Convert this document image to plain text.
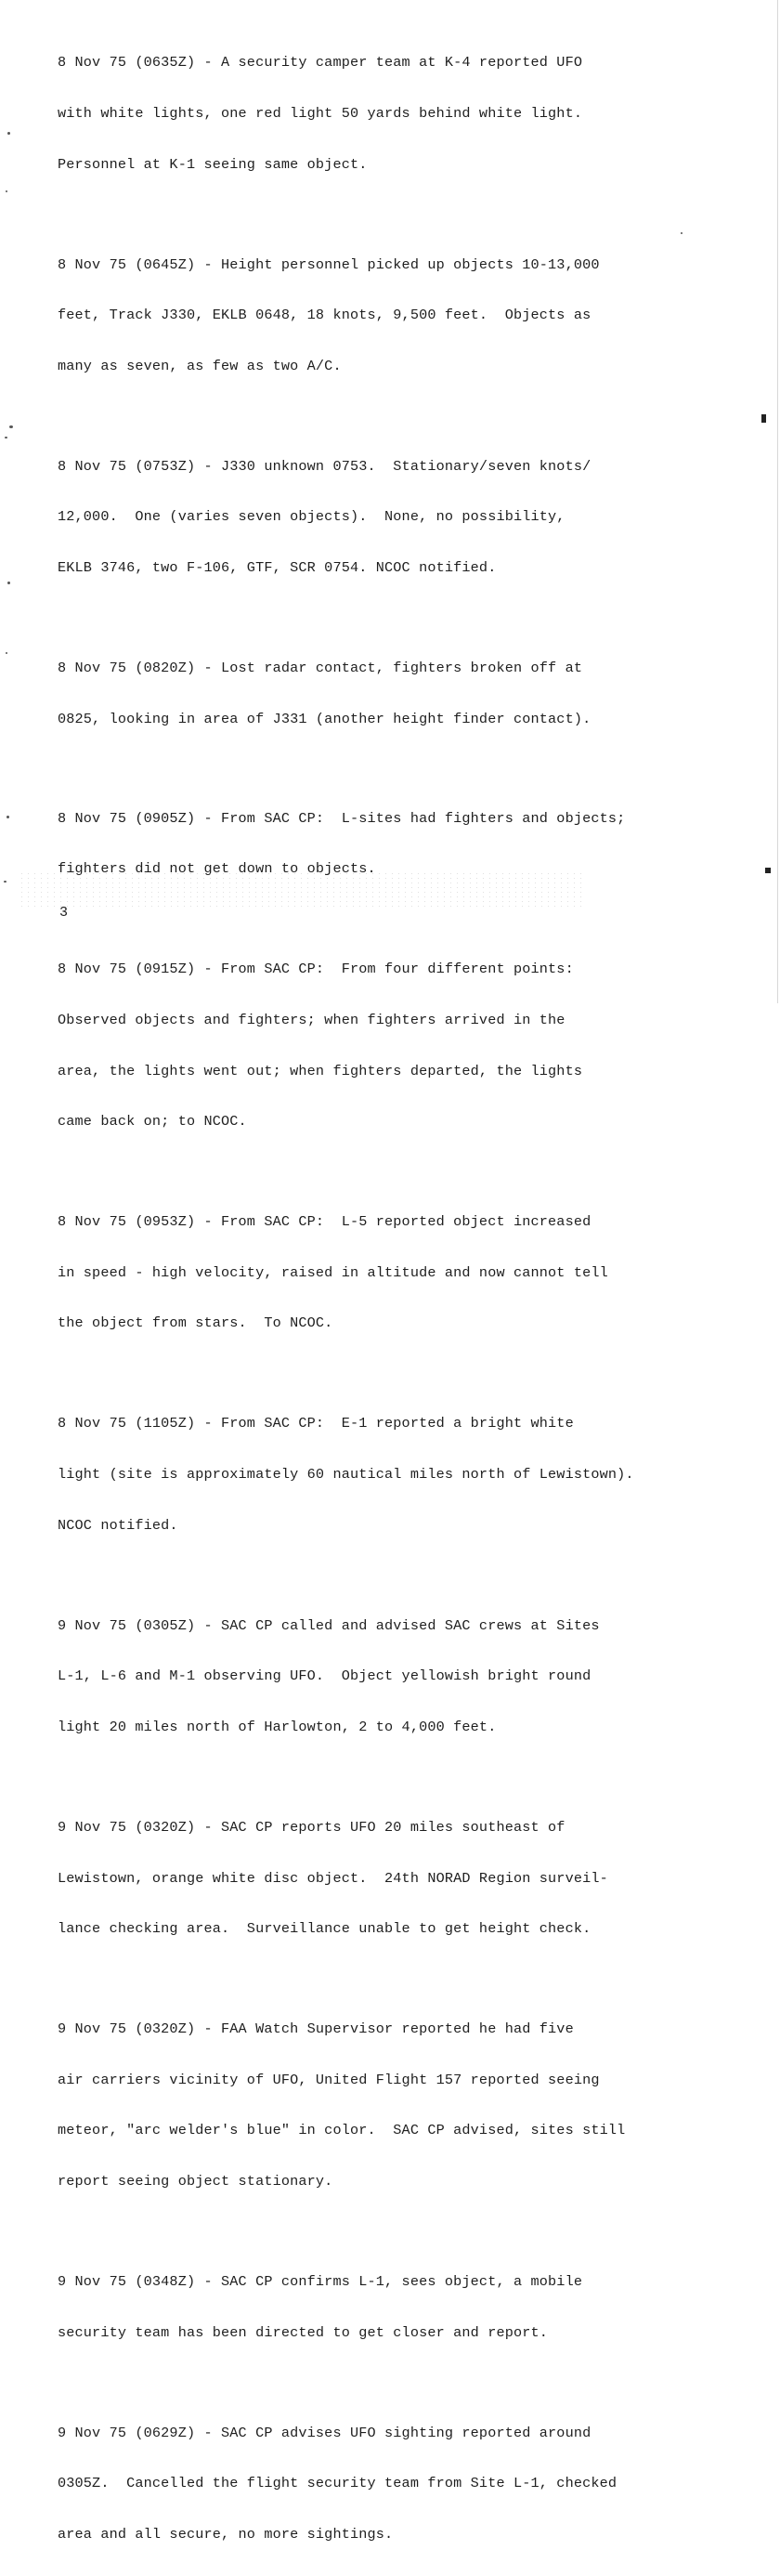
8 Nov 75 (0635Z) - A security camper team at K-4 reported UFO

with white lights, one red light 50 yards behind white light.

Personnel at K-1 seeing same object.

8 Nov 75 (0645Z) - Height personnel picked up objects 10-13,000

feet, Track J330, EKLB 0648, 18 knots, 9,500 feet.  Objects as

many as seven, as few as two A/C.

8 Nov 75 (0753Z) - J330 unknown 0753.  Stationary/seven knots/

12,000.  One (varies seven objects).  None, no possibility,

EKLB 3746, two F-106, GTF, SCR 0754. NCOC notified.

8 Nov 75 (0820Z) - Lost radar contact, fighters broken off at

0825, looking in area of J331 (another height finder contact).

8 Nov 75 (0905Z) - From SAC CP:  L-sites had fighters and objects;

fighters did not get down to objects.

8 Nov 75 (0915Z) - From SAC CP:  From four different points:

Observed objects and fighters; when fighters arrived in the

area, the lights went out; when fighters departed, the lights

came back on; to NCOC.

8 Nov 75 (0953Z) - From SAC CP:  L-5 reported object increased

in speed - high velocity, raised in altitude and now cannot tell

the object from stars.  To NCOC.

8 Nov 75 (1105Z) - From SAC CP:  E-1 reported a bright white

light (site is approximately 60 nautical miles north of Lewistown).

NCOC notified.

9 Nov 75 (0305Z) - SAC CP called and advised SAC crews at Sites

L-1, L-6 and M-1 observing UFO.  Object yellowish bright round

light 20 miles north of Harlowton, 2 to 4,000 feet.

9 Nov 75 (0320Z) - SAC CP reports UFO 20 miles southeast of

Lewistown, orange white disc object.  24th NORAD Region surveil-

lance checking area.  Surveillance unable to get height check.

9 Nov 75 (0320Z) - FAA Watch Supervisor reported he had five

air carriers vicinity of UFO, United Flight 157 reported seeing

meteor, "arc welder's blue" in color.  SAC CP advised, sites still

report seeing object stationary.

9 Nov 75 (0348Z) - SAC CP confirms L-1, sees object, a mobile

security team has been directed to get closer and report.

9 Nov 75 (0629Z) - SAC CP advises UFO sighting reported around

0305Z.  Cancelled the flight security team from Site L-1, checked

area and all secure, no more sightings.

3
